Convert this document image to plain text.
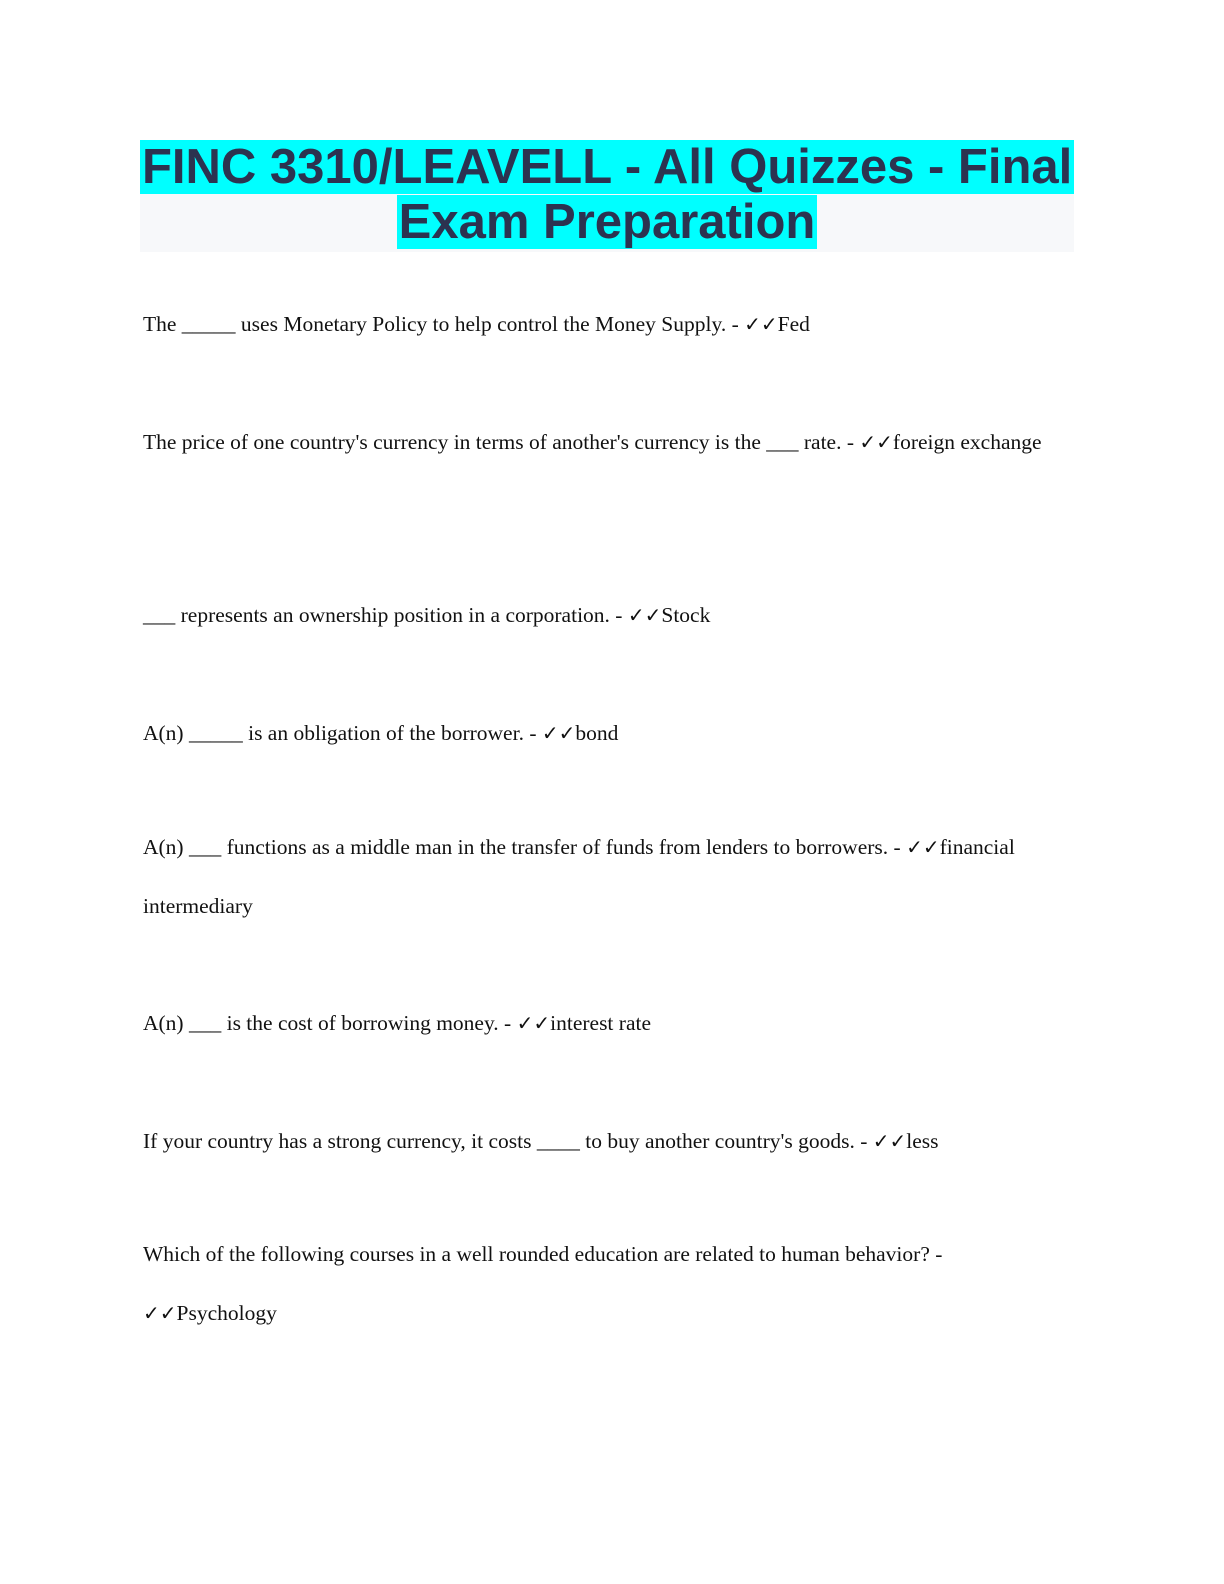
FINC 3310/LEAVELL - All Quizzes - Final Exam Preparation

The _____ uses Monetary Policy to help control the Money Supply. - ✓✓Fed

The price of one country's currency in terms of another's currency is the ___ rate. - ✓✓foreign exchange

___ represents an ownership position in a corporation. - ✓✓Stock

A(n) _____ is an obligation of the borrower. - ✓✓bond

A(n) ___ functions as a middle man in the transfer of funds from lenders to borrowers. - ✓✓financial intermediary

A(n) ___ is the cost of borrowing money. - ✓✓interest rate

If your country has a strong currency, it costs ____ to buy another country's goods. - ✓✓less

Which of the following courses in a well rounded education are related to human behavior? - ✓✓Psychology
